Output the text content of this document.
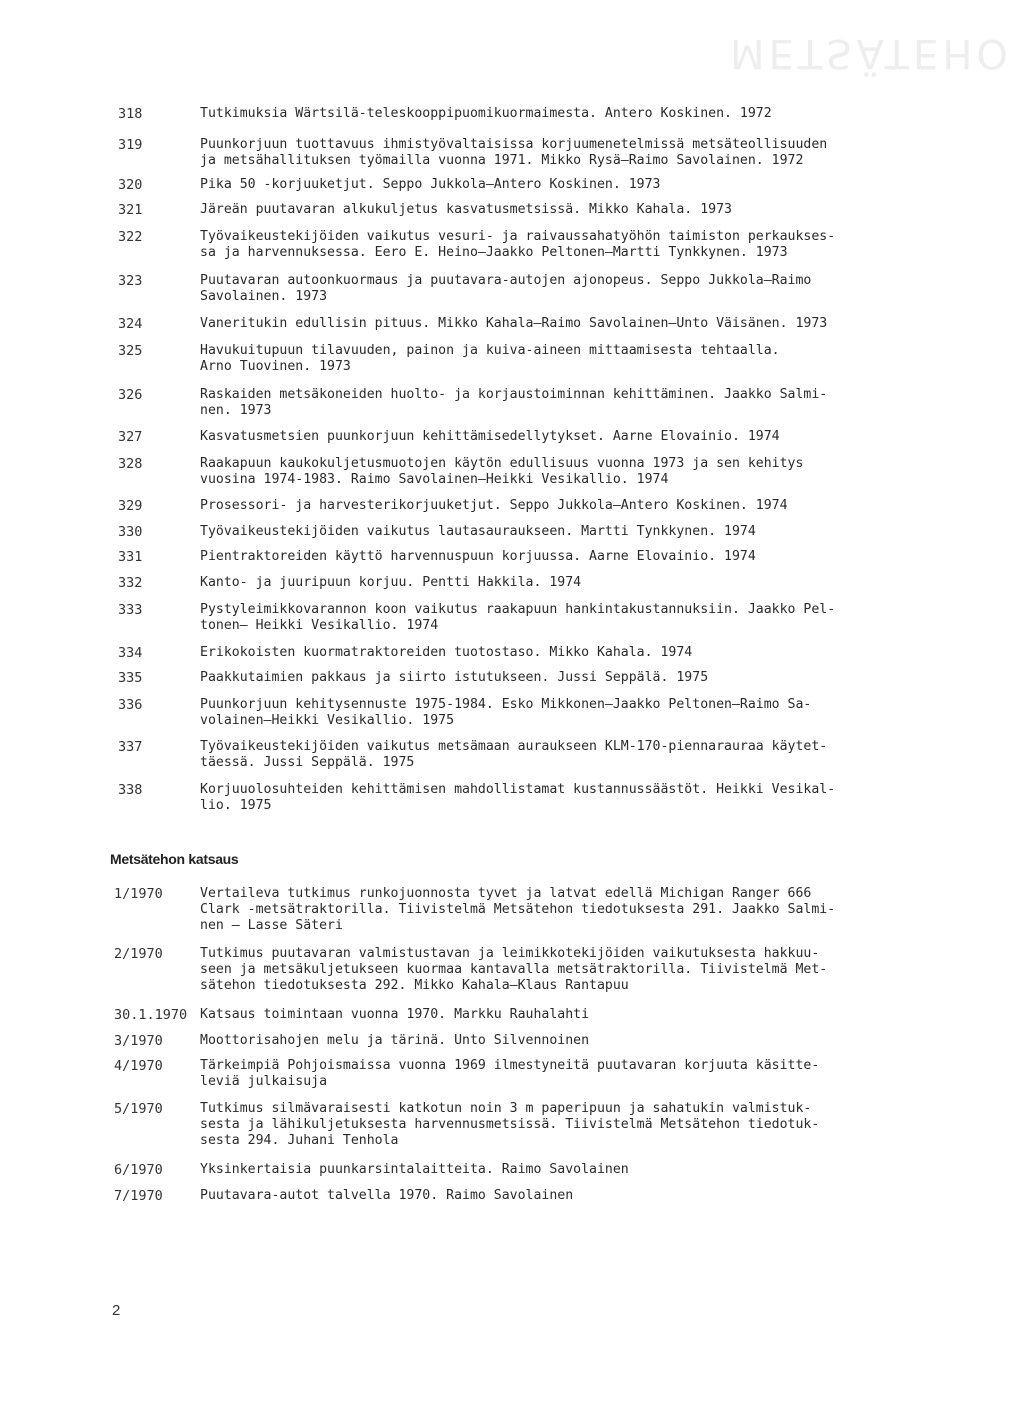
METSÄTEHO
318	Tutkimuksia Wärtsilä-teleskooppipuomikuormaimesta. Antero Koskinen. 1972
319	Puunkorjuun tuottavuus ihmistyövaltaisissa korjuumenetelmissä metsäteollisuuden
ja metsähallituksen työmailla vuonna 1971. Mikko Rysä—Raimo Savolainen. 1972
320	Pika 50 -korjuuketjut. Seppo Jukkola—Antero Koskinen. 1973
321	Järeän puutavaran alkukuljetus kasvatusmetsissä. Mikko Kahala. 1973
322	Työvaikeustekijöiden vaikutus vesuri- ja raivaussahatyöhön taimiston perkaukses-
sa ja harvennuksessa. Eero E. Heino—Jaakko Peltonen—Martti Tynkkynen. 1973
323	Puutavaran autoonkuormaus ja puutavara-autojen ajonopeus. Seppo Jukkola—Raimo
Savolainen. 1973
324	Vaneritukin edullisin pituus. Mikko Kahala—Raimo Savolainen—Unto Väisänen. 1973
325	Havukuitupuun tilavuuden, painon ja kuiva-aineen mittaamisesta tehtaalla.
Arno Tuovinen. 1973
326	Raskaiden metsäkoneiden huolto- ja korjaustoiminnan kehittäminen. Jaakko Salmi-
nen. 1973
327	Kasvatusmetsien puunkorjuun kehittämisedellytykset. Aarne Elovainio. 1974
328	Raakapuun kaukokuljetusmuotojen käytön edullisuus vuonna 1973 ja sen kehitys
vuosina 1974-1983. Raimo Savolainen—Heikki Vesikallio. 1974
329	Prosessori- ja harvesterikorjuuketjut. Seppo Jukkola—Antero Koskinen. 1974
330	Työvaikeustekijöiden vaikutus lautasauraukseen. Martti Tynkkynen. 1974
331	Pientraktoreiden käyttö harvennuspuun korjuussa. Aarne Elovainio. 1974
332	Kanto- ja juuripuun korjuu. Pentti Hakkila. 1974
333	Pystyleimikkovarannon koon vaikutus raakapuun hankintakustannuksiin. Jaakko Pel-
tonen— Heikki Vesikallio. 1974
334	Erikokoisten kuormatraktoreiden tuotostaso. Mikko Kahala. 1974
335	Paakkutaimien pakkaus ja siirto istutukseen. Jussi Seppälä. 1975
336	Puunkorjuun kehitysennuste 1975-1984. Esko Mikkonen—Jaakko Peltonen—Raimo Sa-
volainen—Heikki Vesikallio. 1975
337	Työvaikeustekijöiden vaikutus metsämaan auraukseen KLM-170-piennarauraa käytet-
täessä. Jussi Seppälä. 1975
338	Korjuuolosuhteiden kehittämisen mahdollistamat kustannussäästöt. Heikki Vesikal-
lio. 1975
Metsätehon katsaus
1/1970	Vertaileva tutkimus runkojuonnosta tyvet ja latvat edellä Michigan Ranger 666
Clark -metsätraktorilla. Tiivistelmä Metsätehon tiedotuksesta 291. Jaakko Salmi-
nen — Lasse Säteri
2/1970	Tutkimus puutavaran valmistustavan ja leimikkotekijöiden vaikutuksesta hakkuu-
seen ja metsäkuljetukseen kuormaa kantavalla metsätraktorilla. Tiivistelmä Met-
sätehon tiedotuksesta 292. Mikko Kahala—Klaus Rantapuu
30.1.1970 Katsaus toimintaan vuonna 1970. Markku Rauhalahti
3/1970	Moottorisahojen melu ja tärinä. Unto Silvennoinen
4/1970	Tärkeimpiä Pohjoismaissa vuonna 1969 ilmestyneitä puutavaran korjuuta käsitte-
leviä julkaisuja
5/1970	Tutkimus silmävaraisesti katkotun noin 3 m paperipuun ja sahatukin valmistuk-
sesta ja lähikuljetuksesta harvennusmetsissä. Tiivistelmä Metsätehon tiedotuk-
sesta 294. Juhani Tenhola
6/1970	Yksinkertaisia puunkarsintalaitteita. Raimo Savolainen
7/1970	Puutavara-autot talvella 1970. Raimo Savolainen
2
